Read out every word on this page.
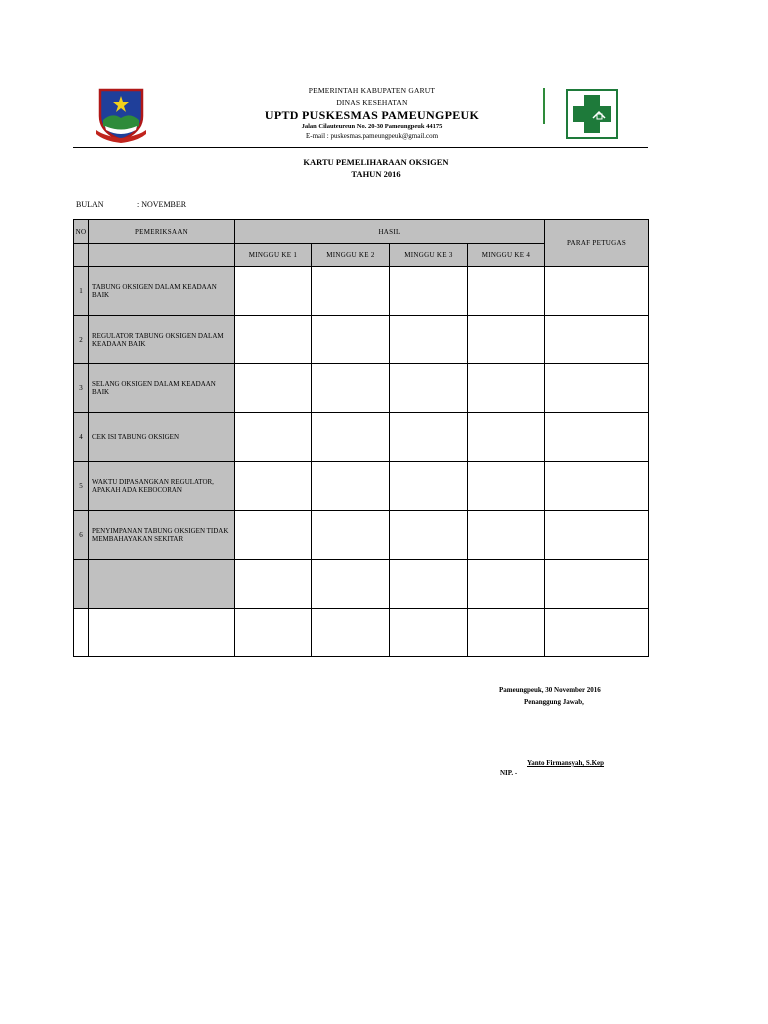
PEMERINTAH KABUPATEN GARUT
DINAS KESEHATAN
UPTD PUSKESMAS PAMEUNGPEUK
Jalan Cilauteureun No. 20-30 Pameungpeuk 44175
E-mail : puskesmas.pameungpeuk@gmail.com
KARTU PEMELIHARAAN OKSIGEN
TAHUN 2016
BULAN	: NOVEMBER
NO	PEMERIKSAAN	HASIL				PARAF PETUGAS
		MINGGU KE 1	MINGGU KE 2	MINGGU KE 3	MINGGU KE 4	
1	TABUNG OKSIGEN DALAM KEADAAN BAIK					
2	REGULATOR TABUNG OKSIGEN DALAM KEADAAN BAIK					
3	SELANG OKSIGEN DALAM KEADAAN BAIK					
4	CEK ISI TABUNG OKSIGEN					
5	WAKTU DIPASANGKAN REGULATOR, APAKAH ADA KEBOCORAN					
6	PENYIMPANAN TABUNG OKSIGEN TIDAK MEMBAHAYAKAN SEKITAR					

Pameungpeuk, 30 November 2016
Penanggung Jawab,
Yanto Firmansyah, S.Kep
NIP. -
